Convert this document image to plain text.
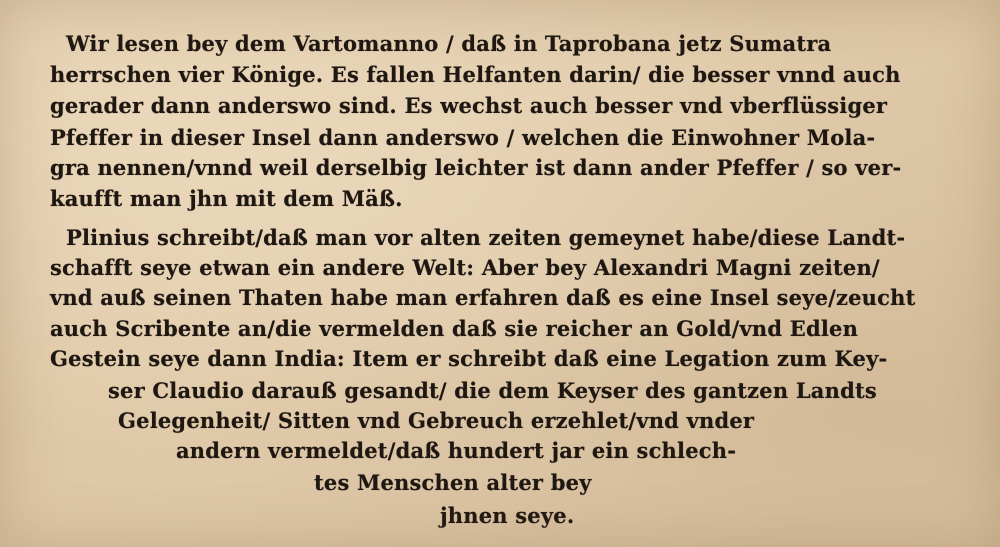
Wir lesen bey dem Vartomanno / daß in Taprobana jetz Sumatra
herrschen vier Könige. Es fallen Helfanten darin/ die besser vnnd auch
gerader dann anderswo sind. Es wechst auch besser vnd vberflüssiger
Pfeffer in dieser Insel dann anderswo / welchen die Einwohner Mola-
gra nennen/vnnd weil derselbig leichter ist dann ander Pfeffer / so ver-
kaufft man jhn mit dem Mäß.
Plinius schreibt/daß man vor alten zeiten gemeynet habe/diese Landt-
schafft seye etwan ein andere Welt: Aber bey Alexandri Magni zeiten/
vnd auß seinen Thaten habe man erfahren daß es eine Insel seye/zeucht
auch Scribente an/die vermelden daß sie reicher an Gold/vnd Edlen
Gestein seye dann India: Item er schreibt daß eine Legation zum Key-
ser Claudio darauß gesandt/ die dem Keyser des gantzen Landts
Gelegenheit/ Sitten vnd Gebreuch erzehlet/vnd vnder
andern vermeldet/daß hundert jar ein schlech-
tes Menschen alter bey
jhnen seye.
